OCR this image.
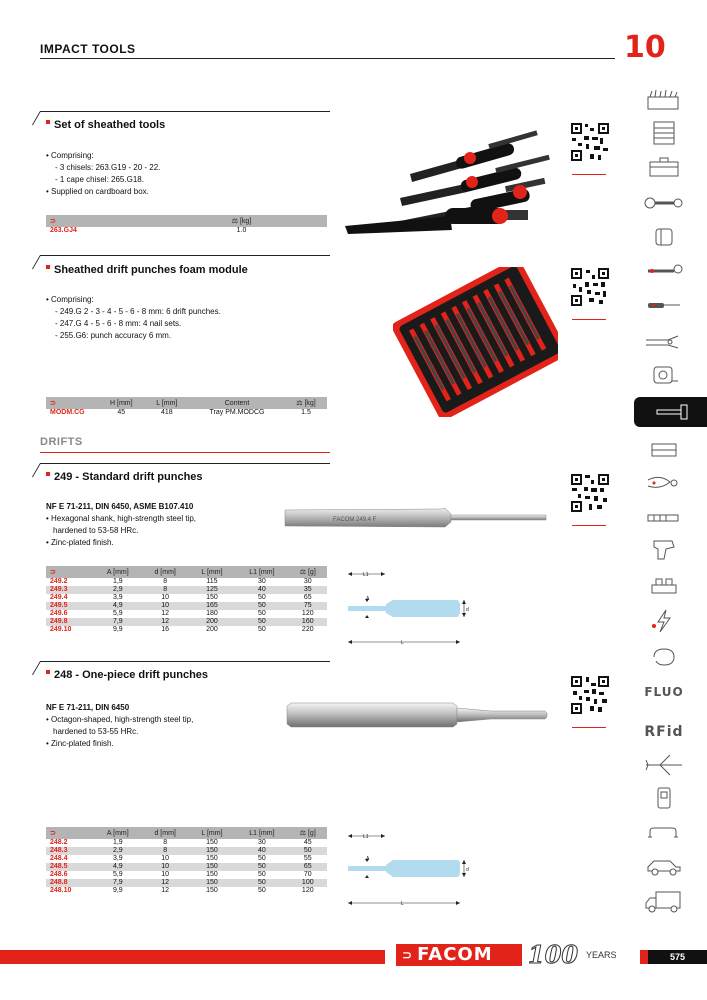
IMPACT TOOLS	10
Set of sheathed tools
• Comprising:
- 3 chisels: 263.G19 - 20 - 22.
- 1 cape chisel: 265.G18.
• Supplied on cardboard box.
⊃	⚖ [kg]
263.GJ4	1.0
Sheathed drift punches foam module
• Comprising:
- 249.G 2 - 3 - 4 - 5 - 6 - 8 mm: 6 drift punches.
- 247.G 4 - 5 - 6 - 8 mm: 4 nail sets.
- 255.G6: punch accuracy 6 mm.
⊃	H [mm]	L [mm]	Content	⚖ [kg]
MODM.CG	45	418	Tray PM.MODCG	1.5
DRIFTS
249 - Standard drift punches
NF E 71-211, DIN 6450, ASME B107.410
• Hexagonal shank, high-strength steel tip,
hardened to 53-58 HRc.
• Zinc-plated finish.
FACOM 249.4 F
⊃	A [mm]	d [mm]	L [mm]	L1 [mm]	⚖ [g]
249.2	1,9	8	115	30	30
249.3	2,9	8	125	40	35
249.4	3,9	10	150	50	65
249.5	4,9	10	165	50	75
249.6	5,9	12	180	50	120
249.8	7,9	12	200	50	160
249.10	9,9	16	200	50	220
L1
d
L
248 - One-piece drift punches
NF E 71-211, DIN 6450
• Octagon-shaped, high-strength steel tip,
hardened to 53-55 HRc.
• Zinc-plated finish.
⊃	A [mm]	d [mm]	L [mm]	L1 [mm]	⚖ [g]
248.2	1,9	8	150	30	45
248.3	2,9	8	150	40	50
248.4	3,9	10	150	50	55
248.5	4,9	10	150	50	65
248.6	5,9	10	150	50	70
248.8	7,9	12	150	50	100
248.10	9,9	12	150	50	120
L1
d
L
FLUO
RFid
⊃ FACOM 100 YEARS	575
